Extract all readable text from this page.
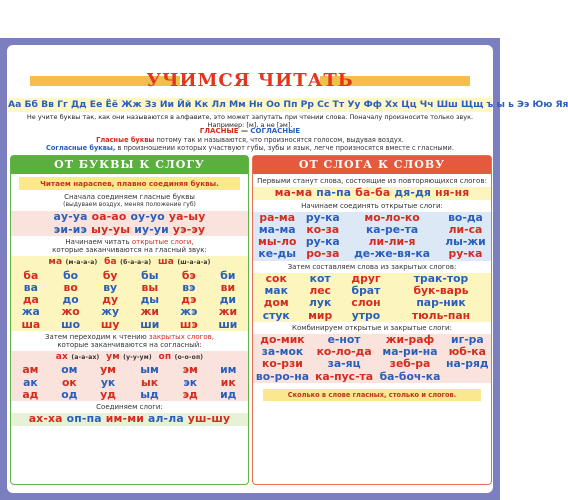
УЧИМСЯ ЧИТАТЬ
Аа Бб Вв Гг Дд Ее Ёё Жж Зз Ии Йй Кк Лл Мм Нн Оо Пп Рр Сс Тт Уу Фф Хх Цц Чч Шш Щщ ъ ы ь Ээ Юю Яя
Не учите буквы так, как они называются в алфавите, это может запутать при чтении слова. Поначалу произносите только звук. Например: [м], а не [эм].
ГЛАСНЫЕ — СОГЛАСНЫЕ
Гласные буквы потому так и называются, что произносятся голосом, выдувая воздух.
Согласные буквы, в произношении которых участвуют губы, зубы и язык, легче произносятся вместе с гласными.
ОТ БУКВЫ К СЛОГУ
Читаем нараспев, плавно соединяя буквы.
Сначала соединяем гласные буквы
(выдуваем воздух, меняя положение губ)
ау-уа оа-ао оу-уо уа-ыу
эи-иэ ыу-уы иу-уи уэ-эу
Начинаем читать открытые слоги,
которые заканчиваются на гласный звук:
ма (м-а-а-а) ба (б-а-а-а) ша (ш-а-а-а)
ба	бо	бу	бы	бэ	би
ва	во	ву	вы	вэ	ви
да	до	ду	ды	дэ	ди
жа	жо	жу	жи	жэ	жи
ша	шо	шу	ши	шэ	ши
Затем переходим к чтению закрытых слогов,
которые заканчиваются на согласный:
ах (а-а-ах) ум (у-у-ум) оп (о-о-оп)
ам	ом	ум	ым	эм	им
ак	ок	ук	ык	эк	ик
ад	од	уд	ыд	эд	ид
Соединяем слоги:
ах-ха оп-па им-ми ал-ла уш-шу
ОТ СЛОГА К СЛОВУ
Первыми станут слова, состоящие из повторяющихся слогов:
ма-ма па-па ба-ба дя-дя ня-ня
Начинаем соединять открытые слоги:
ра-ма	ру-ка	мо-ло-ко	во-да
ма-ма	ко-за	ка-ре-та	ли-са
мы-ло	ру-ка	ли-ли-я	лы-жи
ке-ды	ро-за	де-же-вя-ка	ру-ка
Затем составляем слова из закрытых слогов:
сок	кот	друг	трак-тор
мак	лес	брат	бук-варь
дом	лук	слон	пар-ник
стук	мир	утро	тюль-пан
Комбинируем открытые и закрытые слоги:
до-мик	е-нот	жи-раф	иг-ра
за-мок	ко-ло-да	ма-ри-на	юб-ка
ко-рзи	за-яц	зеб-ра	на-ряд
во-ро-на	ка-пус-та	ба-боч-ка	
Сколько в слове гласных, столько и слогов.
